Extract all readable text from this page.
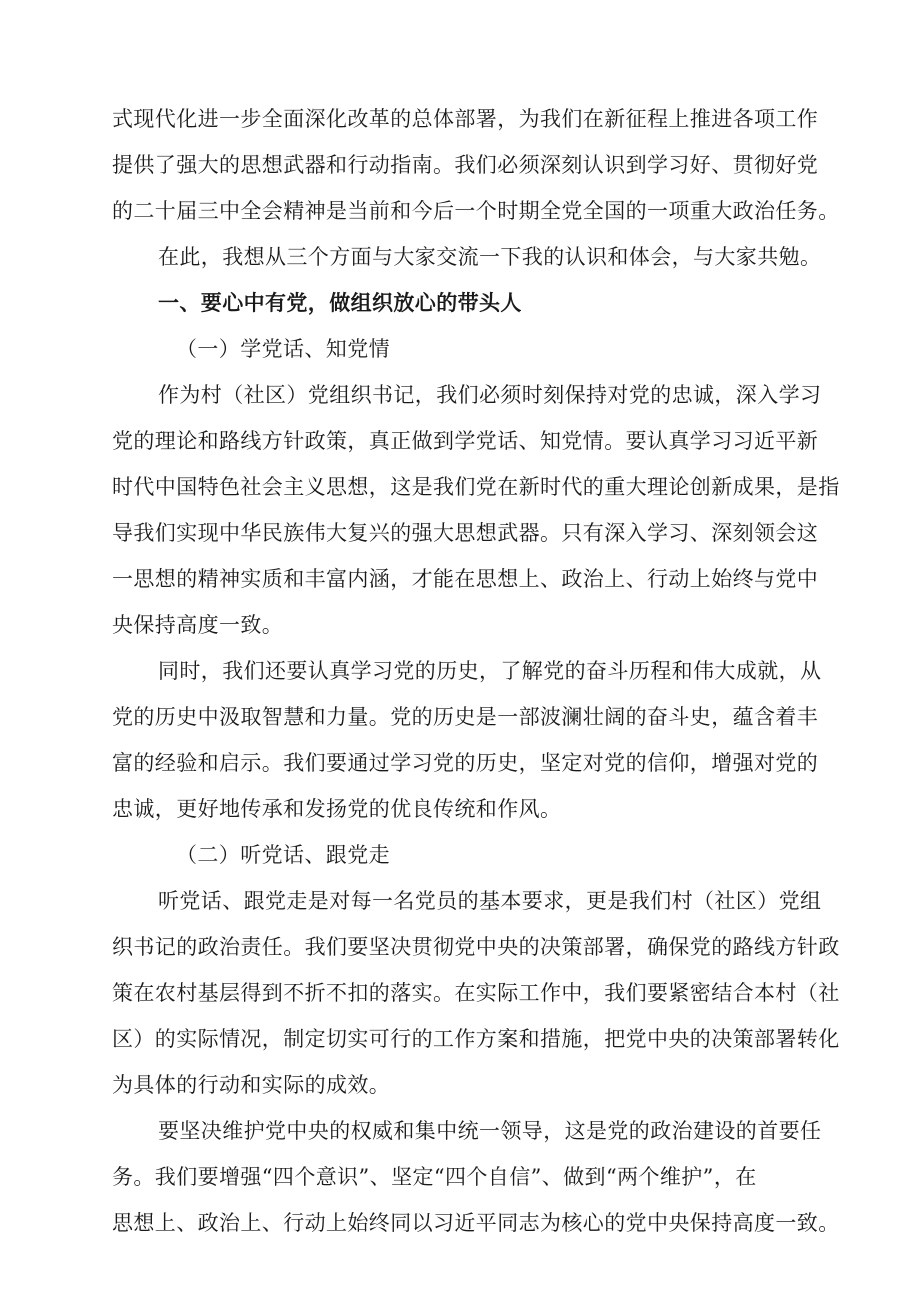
式现代化进一步全面深化改革的总体部署，为我们在新征程上推进各项工作
提供了强大的思想武器和行动指南。我们必须深刻认识到学习好、贯彻好党
的二十届三中全会精神是当前和今后一个时期全党全国的一项重大政治任务。
在此，我想从三个方面与大家交流一下我的认识和体会，与大家共勉。
一、要心中有党，做组织放心的带头人
（一）学党话、知党情
作为村（社区）党组织书记，我们必须时刻保持对党的忠诚，深入学习
党的理论和路线方针政策，真正做到学党话、知党情。要认真学习习近平新
时代中国特色社会主义思想，这是我们党在新时代的重大理论创新成果，是指
导我们实现中华民族伟大复兴的强大思想武器。只有深入学习、深刻领会这
一思想的精神实质和丰富内涵，才能在思想上、政治上、行动上始终与党中
央保持高度一致。
同时，我们还要认真学习党的历史，了解党的奋斗历程和伟大成就，从
党的历史中汲取智慧和力量。党的历史是一部波澜壮阔的奋斗史，蕴含着丰
富的经验和启示。我们要通过学习党的历史，坚定对党的信仰，增强对党的
忠诚，更好地传承和发扬党的优良传统和作风。
（二）听党话、跟党走
听党话、跟党走是对每一名党员的基本要求，更是我们村（社区）党组
织书记的政治责任。我们要坚决贯彻党中央的决策部署，确保党的路线方针政
策在农村基层得到不折不扣的落实。在实际工作中，我们要紧密结合本村（社
区）的实际情况，制定切实可行的工作方案和措施，把党中央的决策部署转化
为具体的行动和实际的成效。
要坚决维护党中央的权威和集中统一领导，这是党的政治建设的首要任
务。我们要增强“四个意识”、坚定“四个自信”、做到“两个维护”，在
思想上、政治上、行动上始终同以习近平同志为核心的党中央保持高度一致。
